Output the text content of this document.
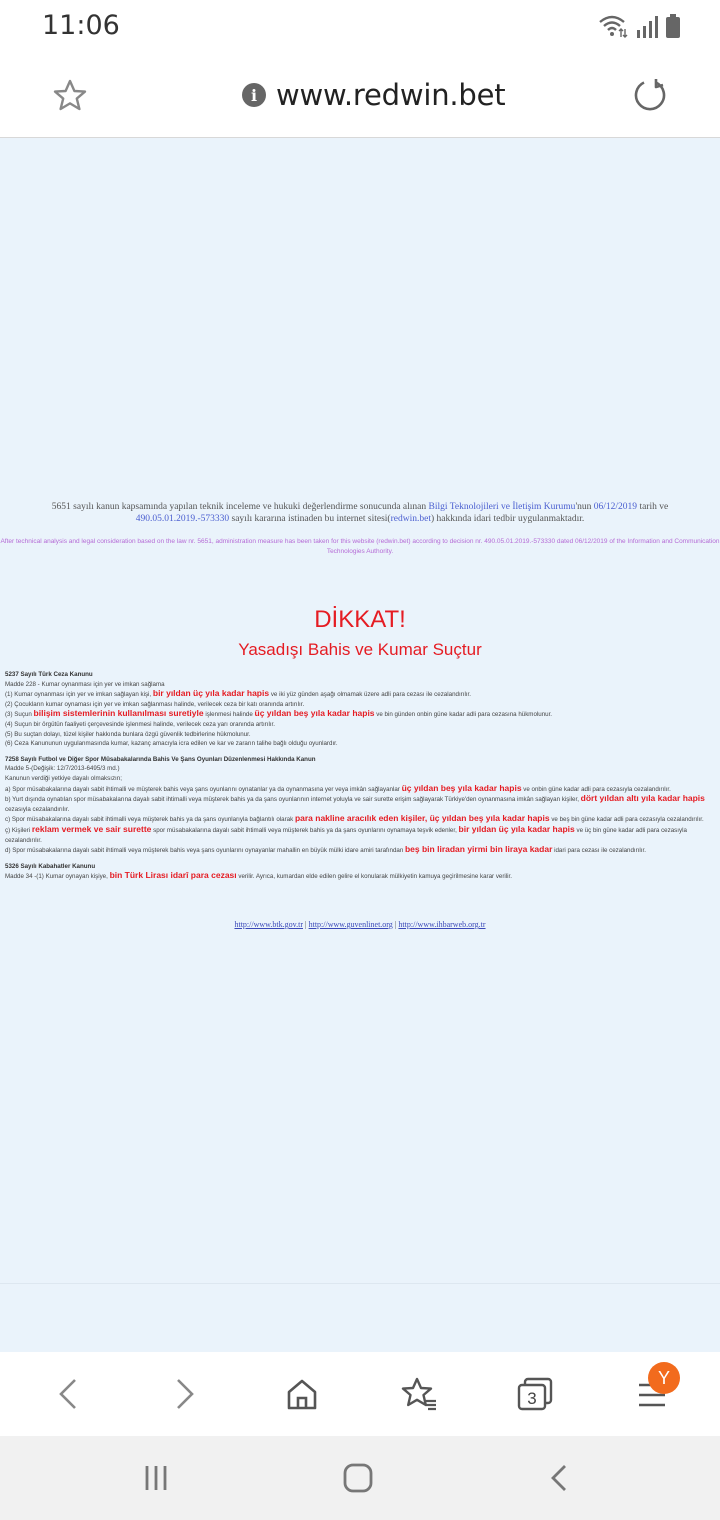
11:06
i www.redwin.bet
5651 sayılı kanun kapsamında yapılan teknik inceleme ve hukuki değerlendirme sonucunda alınan Bilgi Teknolojileri ve İletişim Kurumu'nun 06/12/2019 tarih ve
490.05.01.2019.-573330 sayılı kararına istinaden bu internet sitesi(redwin.bet) hakkında idari tedbir uygulanmaktadır.
After technical analysis and legal consideration based on the law nr. 5651, administration measure has been taken for this website (redwin.bet) according to decision nr. 490.05.01.2019.-573330 dated 06/12/2019 of the Information and Communication Technologies Authority.
DİKKAT!
Yasadışı Bahis ve Kumar Suçtur
5237 Sayılı Türk Ceza Kanunu
Madde 228 - Kumar oynanması için yer ve imkan sağlama
(1) Kumar oynanması için yer ve imkan sağlayan kişi, bir yıldan üç yıla kadar hapis ve iki yüz günden aşağı olmamak üzere adli para cezası ile cezalandırılır.
(2) Çocukların kumar oynaması için yer ve imkan sağlanması halinde, verilecek ceza bir katı oranında artırılır.
(3) Suçun bilişim sistemlerinin kullanılması suretiyle işlenmesi halinde üç yıldan beş yıla kadar hapis ve bin günden onbin güne kadar adli para cezasına hükmolunur.
(4) Suçun bir örgütün faaliyeti çerçevesinde işlenmesi halinde, verilecek ceza yarı oranında artırılır.
(5) Bu suçtan dolayı, tüzel kişiler hakkında bunlara özgü güvenlik tedbirlerine hükmolunur.
(6) Ceza Kanununun uygulanmasında kumar, kazanç amacıyla icra edilen ve kar ve zararın talihe bağlı olduğu oyunlardır.
7258 Sayılı Futbol ve Diğer Spor Müsabakalarında Bahis Ve Şans Oyunları Düzenlenmesi Hakkında Kanun
Madde 5-(Değişik: 12/7/2013-6495/3 md.)
Kanunun verdiği yetkiye dayalı olmaksızın;
a) Spor müsabakalarına dayalı sabit ihtimalli ve müşterek bahis veya şans oyunlarını oynatanlar ya da oynanmasına yer veya imkân sağlayanlar üç yıldan beş yıla kadar hapis ve onbin güne kadar adli para cezasıyla cezalandırılır.
b) Yurt dışında oynatılan spor müsabakalarına dayalı sabit ihtimalli veya müşterek bahis ya da şans oyunlarının internet yoluyla ve sair surette erişim sağlayarak Türkiye'den oynanmasına imkân sağlayan kişiler, dört yıldan altı yıla kadar hapis cezasıyla cezalandırılır.
c) Spor müsabakalarına dayalı sabit ihtimalli veya müşterek bahis ya da şans oyunlarıyla bağlantılı olarak para nakline aracılık eden kişiler, üç yıldan beş yıla kadar hapis ve beş bin güne kadar adli para cezasıyla cezalandırılır.
ç) Kişileri reklam vermek ve sair surette spor müsabakalarına dayalı sabit ihtimalli veya müşterek bahis ya da şans oyunlarını oynamaya teşvik edenler, bir yıldan üç yıla kadar hapis ve üç bin güne kadar adli para cezasıyla cezalandırılır.
d) Spor müsabakalarına dayalı sabit ihtimalli veya müşterek bahis veya şans oyunlarını oynayanlar mahallin en büyük mülki idare amiri tarafından beş bin liradan yirmi bin liraya kadar idari para cezası ile cezalandırılır.
5326 Sayılı Kabahatler Kanunu
Madde 34 -(1) Kumar oynayan kişiye, bin Türk Lirası idarî para cezası verilir. Ayrıca, kumardan elde edilen gelire el konularak mülkiyetin kamuya geçirilmesine karar verilir.
http://www.btk.gov.tr | http://www.guvenlinet.org | http://www.ihbarweb.org.tr
3
Y
